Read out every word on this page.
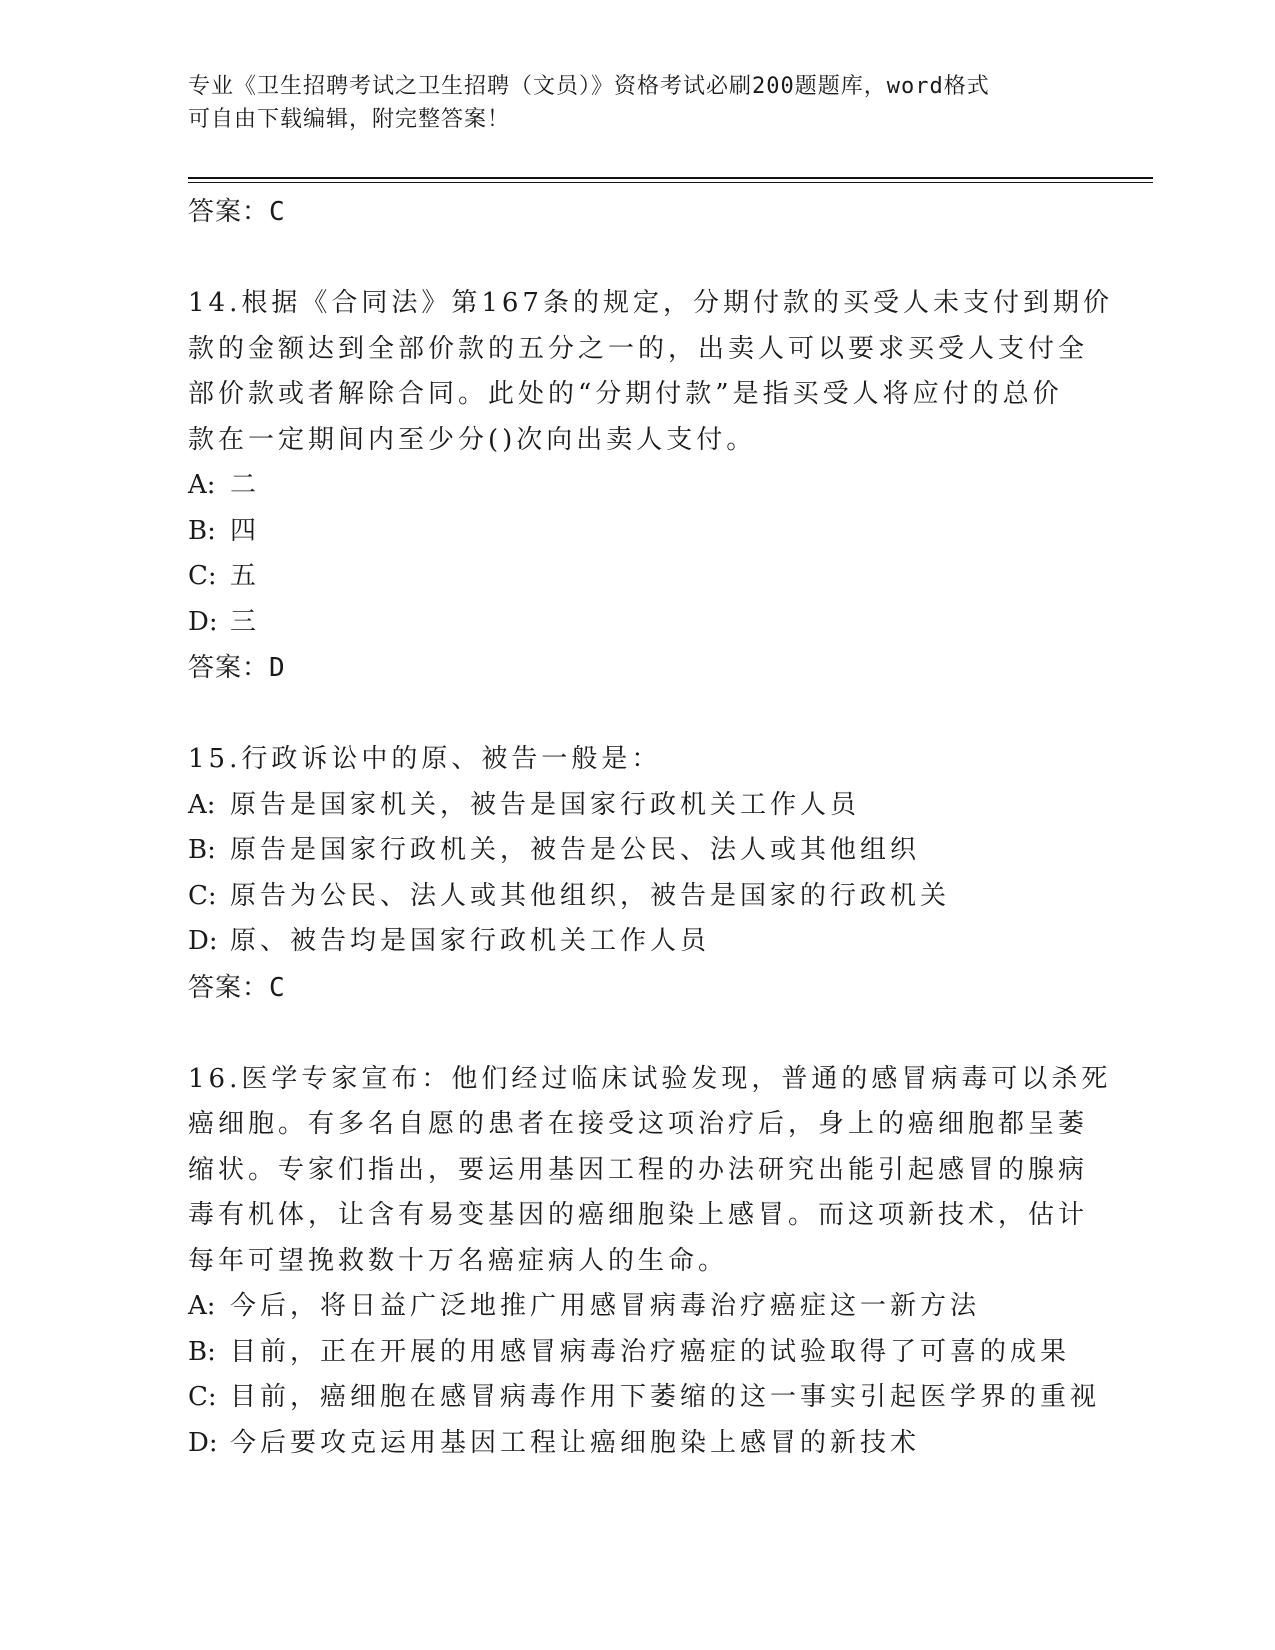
专业《卫生招聘考试之卫生招聘（文员）》资格考试必刷200题题库，word格式

可自由下载编辑，附完整答案！

答案：C

14.根据《合同法》第167条的规定，分期付款的买受人未支付到期价

款的金额达到全部价款的五分之一的，出卖人可以要求买受人支付全

部价款或者解除合同。此处的“分期付款”是指买受人将应付的总价

款在一定期间内至少分()次向出卖人支付。

A: 二

B: 四

C: 五

D: 三

答案：D

15.行政诉讼中的原、被告一般是：

A: 原告是国家机关，被告是国家行政机关工作人员

B: 原告是国家行政机关，被告是公民、法人或其他组织

C: 原告为公民、法人或其他组织，被告是国家的行政机关

D: 原、被告均是国家行政机关工作人员

答案：C

16.医学专家宣布：他们经过临床试验发现，普通的感冒病毒可以杀死

癌细胞。有多名自愿的患者在接受这项治疗后，身上的癌细胞都呈萎

缩状。专家们指出，要运用基因工程的办法研究出能引起感冒的腺病

毒有机体，让含有易变基因的癌细胞染上感冒。而这项新技术，估计

每年可望挽救数十万名癌症病人的生命。

A: 今后，将日益广泛地推广用感冒病毒治疗癌症这一新方法

B: 目前，正在开展的用感冒病毒治疗癌症的试验取得了可喜的成果

C: 目前，癌细胞在感冒病毒作用下萎缩的这一事实引起医学界的重视

D: 今后要攻克运用基因工程让癌细胞染上感冒的新技术
